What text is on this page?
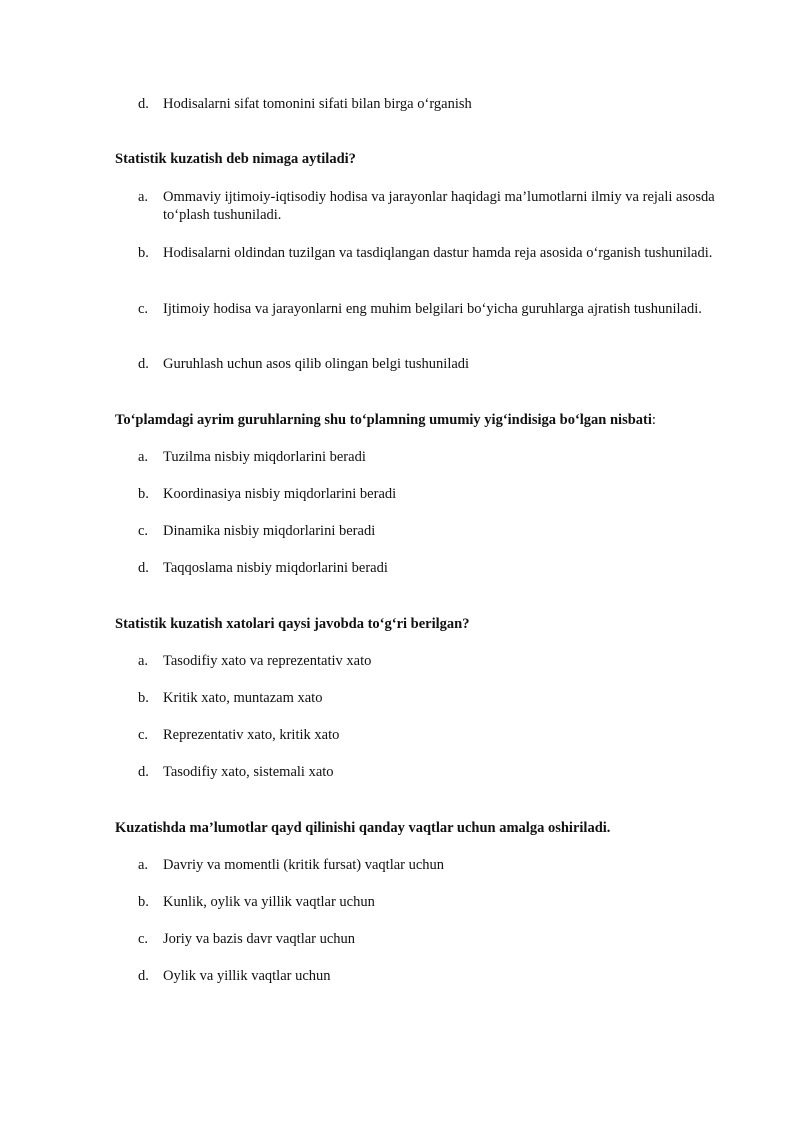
d. Hodisalarni sifat tomonini sifati bilan birga o‘rganish
Statistik kuzatish deb nimaga aytiladi?
a.	Ommaviy ijtimoiy-iqtisodiy hodisa va jarayonlar haqidagi ma’lumotlarni ilmiy va rejali asosda to‘plash tushuniladi.
b. Hodisalarni oldindan tuzilgan va tasdiqlangan dastur hamda reja asosida o‘rganish tushuniladi.
c.	Ijtimoiy hodisa va jarayonlarni eng muhim belgilari bo‘yicha guruhlarga ajratish tushuniladi.
d. Guruhlash uchun asos qilib olingan belgi tushuniladi
To‘plamdagi ayrim guruhlarning shu to‘plamning umumiy yig‘indisiga bo‘lgan nisbati:
a.	Tuzilma nisbiy miqdorlarini beradi
b. Koordinasiya nisbiy miqdorlarini beradi
c.	Dinamika nisbiy miqdorlarini beradi
d. Taqqoslama nisbiy miqdorlarini beradi
Statistik kuzatish xatolari qaysi javobda to‘g‘ri berilgan?
a.	Tasodifiy xato va reprezentativ xato
b. Kritik xato, muntazam xato
c.	Reprezentativ xato, kritik xato
d. Tasodifiy xato, sistemali xato
Kuzatishda ma’lumotlar qayd qilinishi qanday vaqtlar uchun amalga oshiriladi.
a.	Davriy va momentli (kritik fursat) vaqtlar uchun
b. Kunlik, oylik va yillik vaqtlar uchun
c.	Joriy va bazis davr vaqtlar uchun
d. Oylik va yillik vaqtlar uchun
